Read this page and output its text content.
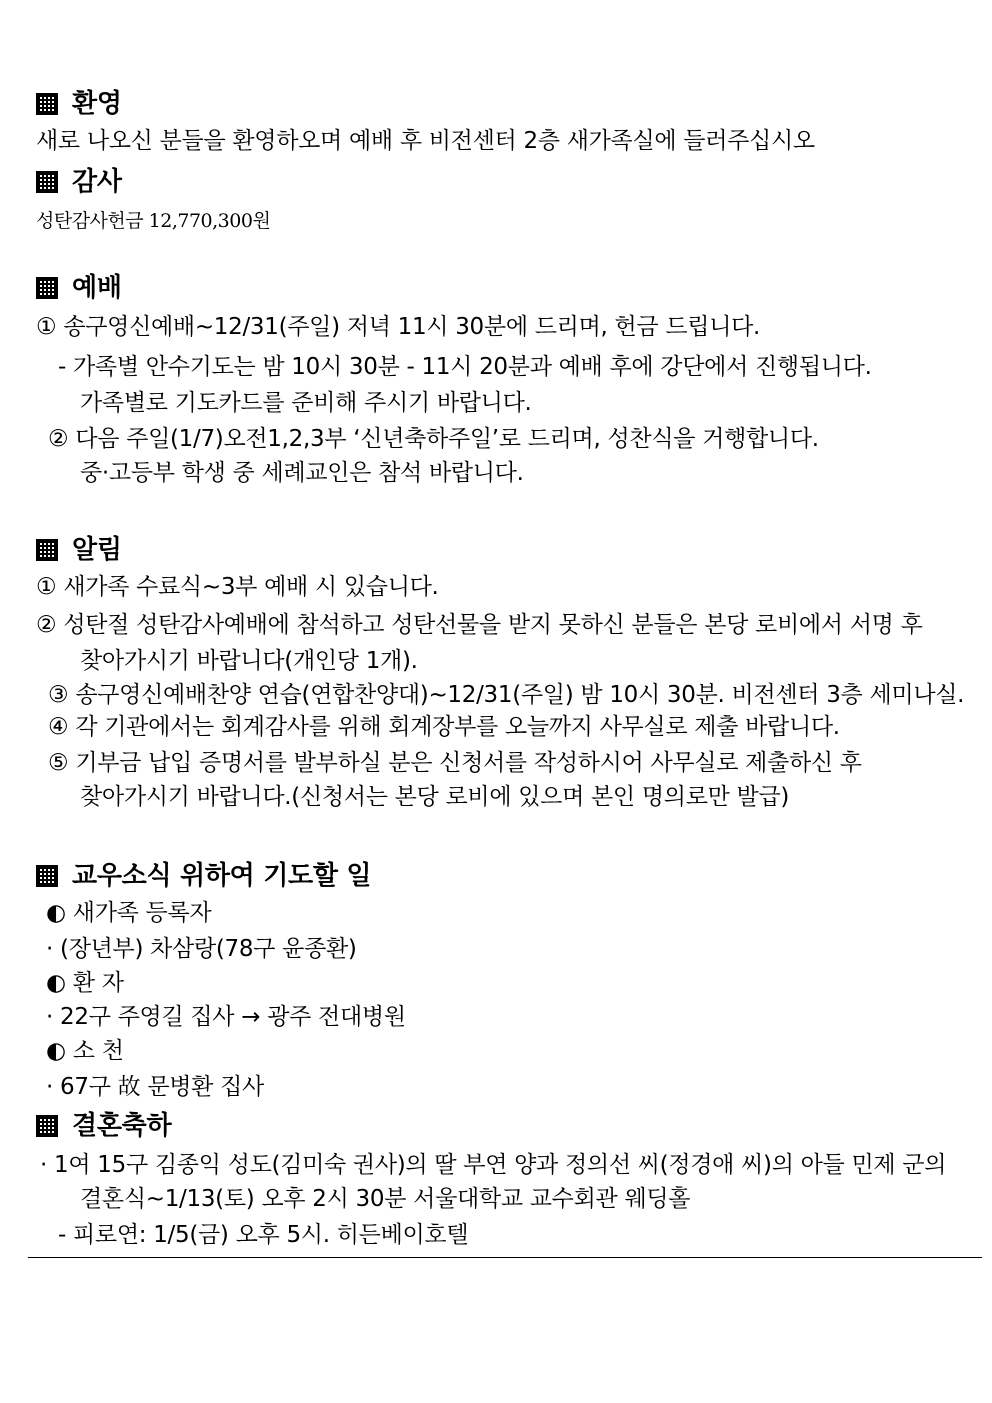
환영
새로 나오신 분들을 환영하오며 예배 후 비전센터 2층 새가족실에 들러주십시오
감사
성탄감사헌금 12,770,300원
예배
① 송구영신예배~12/31(주일) 저녁 11시 30분에 드리며, 헌금 드립니다.
- 가족별 안수기도는 밤 10시 30분 - 11시 20분과 예배 후에 강단에서 진행됩니다.
가족별로 기도카드를 준비해 주시기 바랍니다.
② 다음 주일(1/7)오전1,2,3부 ‘신년축하주일’로 드리며, 성찬식을 거행합니다.
중·고등부 학생 중 세례교인은 참석 바랍니다.
알림
① 새가족 수료식~3부 예배 시 있습니다.
② 성탄절 성탄감사예배에 참석하고 성탄선물을 받지 못하신 분들은 본당 로비에서 서명 후
찾아가시기 바랍니다(개인당 1개).
③ 송구영신예배찬양 연습(연합찬양대)~12/31(주일) 밤 10시 30분. 비전센터 3층 세미나실.
④ 각 기관에서는 회계감사를 위해 회계장부를 오늘까지 사무실로 제출 바랍니다.
⑤ 기부금 납입 증명서를 발부하실 분은 신청서를 작성하시어 사무실로 제출하신 후
찾아가시기 바랍니다.(신청서는 본당 로비에 있으며 본인 명의로만 발급)
교우소식 위하여 기도할 일
◐ 새가족 등록자
· (장년부) 차삼랑(78구 윤종환)
◐ 환 자
· 22구 주영길 집사 → 광주 전대병원
◐ 소 천
· 67구 故 문병환 집사
결혼축하
· 1여 15구 김종익 성도(김미숙 권사)의 딸 부연 양과 정의선 씨(정경애 씨)의 아들 민제 군의
결혼식~1/13(토) 오후 2시 30분 서울대학교 교수회관 웨딩홀
- 피로연: 1/5(금) 오후 5시. 히든베이호텔
